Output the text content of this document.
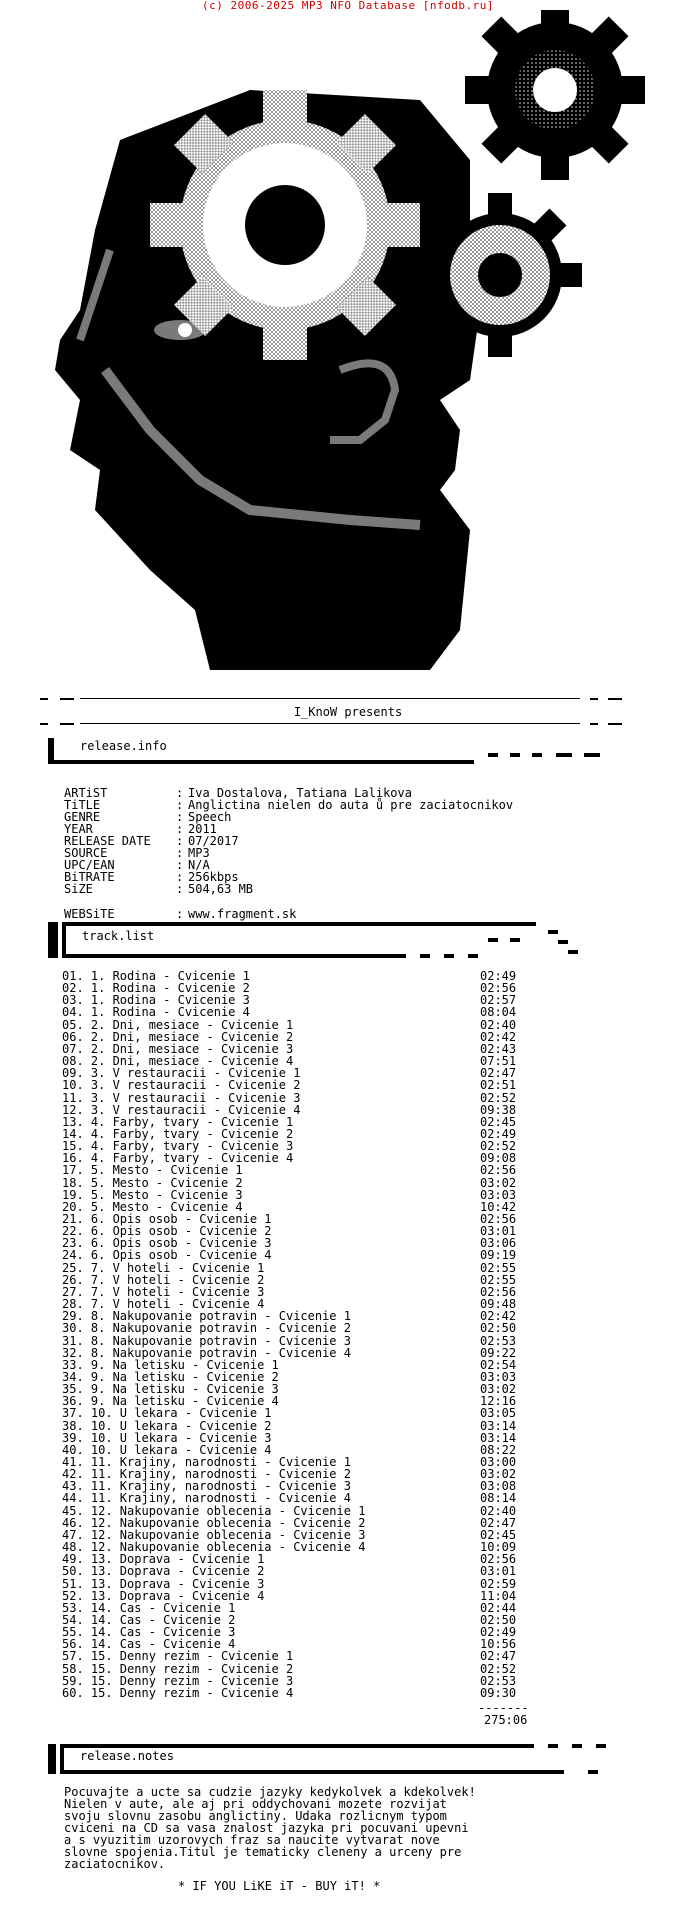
(c) 2006-2025 MP3 NFO Database [nfodb.ru]
I_KnoW presents
release.info

ARTiST	: Iva Dostalova, Tatiana Lalikova

TiTLE	: Anglictina nielen do auta ů pre zaciatocnikov

GENRE	: Speech

YEAR	: 2011

RELEASE DATE : 07/2017

SOURCE	: MP3

UPC/EAN	: N/A

BiTRATE	: 256kbps

SiZE	: 504,63 MB

WEBSiTE	: www.fragment.sk

track.list
01. 1. Rodina - Cvicenie 1	02:49
02. 1. Rodina - Cvicenie 2	02:56
03. 1. Rodina - Cvicenie 3	02:57
04. 1. Rodina - Cvicenie 4	08:04
05. 2. Dni, mesiace - Cvicenie 1	02:40
06. 2. Dni, mesiace - Cvicenie 2	02:42
07. 2. Dni, mesiace - Cvicenie 3	02:43
08. 2. Dni, mesiace - Cvicenie 4	07:51
09. 3. V restauracii - Cvicenie 1	02:47
10. 3. V restauracii - Cvicenie 2	02:51
11. 3. V restauracii - Cvicenie 3	02:52
12. 3. V restauracii - Cvicenie 4	09:38
13. 4. Farby, tvary - Cvicenie 1	02:45
14. 4. Farby, tvary - Cvicenie 2	02:49
15. 4. Farby, tvary - Cvicenie 3	02:52
16. 4. Farby, tvary - Cvicenie 4	09:08
17. 5. Mesto - Cvicenie 1	02:56
18. 5. Mesto - Cvicenie 2	03:02
19. 5. Mesto - Cvicenie 3	03:03
20. 5. Mesto - Cvicenie 4	10:42
21. 6. Opis osob - Cvicenie 1	02:56
22. 6. Opis osob - Cvicenie 2	03:01
23. 6. Opis osob - Cvicenie 3	03:06
24. 6. Opis osob - Cvicenie 4	09:19
25. 7. V hoteli - Cvicenie 1	02:55
26. 7. V hoteli - Cvicenie 2	02:55
27. 7. V hoteli - Cvicenie 3	02:56
28. 7. V hoteli - Cvicenie 4	09:48
29. 8. Nakupovanie potravin - Cvicenie 1	02:42
30. 8. Nakupovanie potravin - Cvicenie 2	02:50
31. 8. Nakupovanie potravin - Cvicenie 3	02:53
32. 8. Nakupovanie potravin - Cvicenie 4	09:22
33. 9. Na letisku - Cvicenie 1	02:54
34. 9. Na letisku - Cvicenie 2	03:03
35. 9. Na letisku - Cvicenie 3	03:02
36. 9. Na letisku - Cvicenie 4	12:16
37. 10. U lekara - Cvicenie 1	03:05
38. 10. U lekara - Cvicenie 2	03:14
39. 10. U lekara - Cvicenie 3	03:14
40. 10. U lekara - Cvicenie 4	08:22
41. 11. Krajiny, narodnosti - Cvicenie 1	03:00
42. 11. Krajiny, narodnosti - Cvicenie 2	03:02
43. 11. Krajiny, narodnosti - Cvicenie 3	03:08
44. 11. Krajiny, narodnosti - Cvicenie 4	08:14
45. 12. Nakupovanie oblecenia - Cvicenie 1	02:40
46. 12. Nakupovanie oblecenia - Cvicenie 2	02:47
47. 12. Nakupovanie oblecenia - Cvicenie 3	02:45
48. 12. Nakupovanie oblecenia - Cvicenie 4	10:09
49. 13. Doprava - Cvicenie 1	02:56
50. 13. Doprava - Cvicenie 2	03:01
51. 13. Doprava - Cvicenie 3	02:59
52. 13. Doprava - Cvicenie 4	11:04
53. 14. Cas - Cvicenie 1	02:44
54. 14. Cas - Cvicenie 2	02:50
55. 14. Cas - Cvicenie 3	02:49
56. 14. Cas - Cvicenie 4	10:56
57. 15. Denny rezim - Cvicenie 1	02:47
58. 15. Denny rezim - Cvicenie 2	02:52
59. 15. Denny rezim - Cvicenie 3	02:53
60. 15. Denny rezim - Cvicenie 4	09:30
-------
275:06
release.notes
Pocuvajte a ucte sa cudzie jazyky kedykolvek a kdekolvek!
Nielen v aute, ale aj pri oddychovani mozete rozvijat
svoju slovnu zasobu anglictiny. Udaka rozlicnym typom
cviceni na CD sa vasa znalost jazyka pri pocuvani upevni
a s vyuzitim uzorovych fraz sa naucite vytvarat nove
slovne spojenia.Titul je tematicky cleneny a urceny pre
zaciatocnikov.
* IF YOU LiKE iT - BUY iT! *
